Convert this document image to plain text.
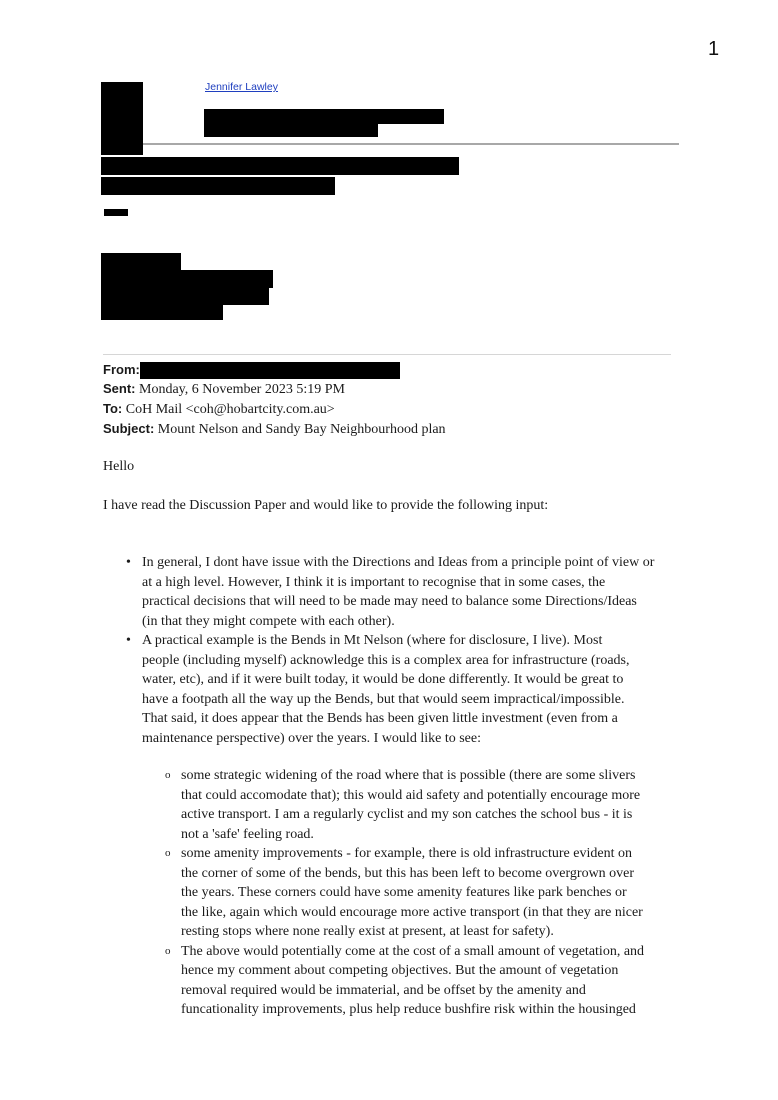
1
Jennifer Lawley
From:
Sent: Monday, 6 November 2023 5:19 PM
To: CoH Mail <coh@hobartcity.com.au>
Subject: Mount Nelson and Sandy Bay Neighbourhood plan
Hello
I have read the Discussion Paper and would like to provide the following input:
• In general, I dont have issue with the Directions and Ideas from a principle point of view or
at a high level. However, I think it is important to recognise that in some cases, the
practical decisions that will need to be made may need to balance some Directions/Ideas
(in that they might compete with each other).
• A practical example is the Bends in Mt Nelson (where for disclosure, I live). Most
people (including myself) acknowledge this is a complex area for infrastructure (roads,
water, etc), and if it were built today, it would be done differently. It would be great to
have a footpath all the way up the Bends, but that would seem impractical/impossible.
That said, it does appear that the Bends has been given little investment (even from a
maintenance perspective) over the years. I would like to see:
o some strategic widening of the road where that is possible (there are some slivers
that could accomodate that); this would aid safety and potentially encourage more
active transport. I am a regularly cyclist and my son catches the school bus - it is
not a 'safe' feeling road.
o some amenity improvements - for example, there is old infrastructure evident on
the corner of some of the bends, but this has been left to become overgrown over
the years. These corners could have some amenity features like park benches or
the like, again which would encourage more active transport (in that they are nicer
resting stops where none really exist at present, at least for safety).
o The above would potentially come at the cost of a small amount of vegetation, and
hence my comment about competing objectives. But the amount of vegetation
removal required would be immaterial, and be offset by the amenity and
funcationality improvements, plus help reduce bushfire risk within the housinged
